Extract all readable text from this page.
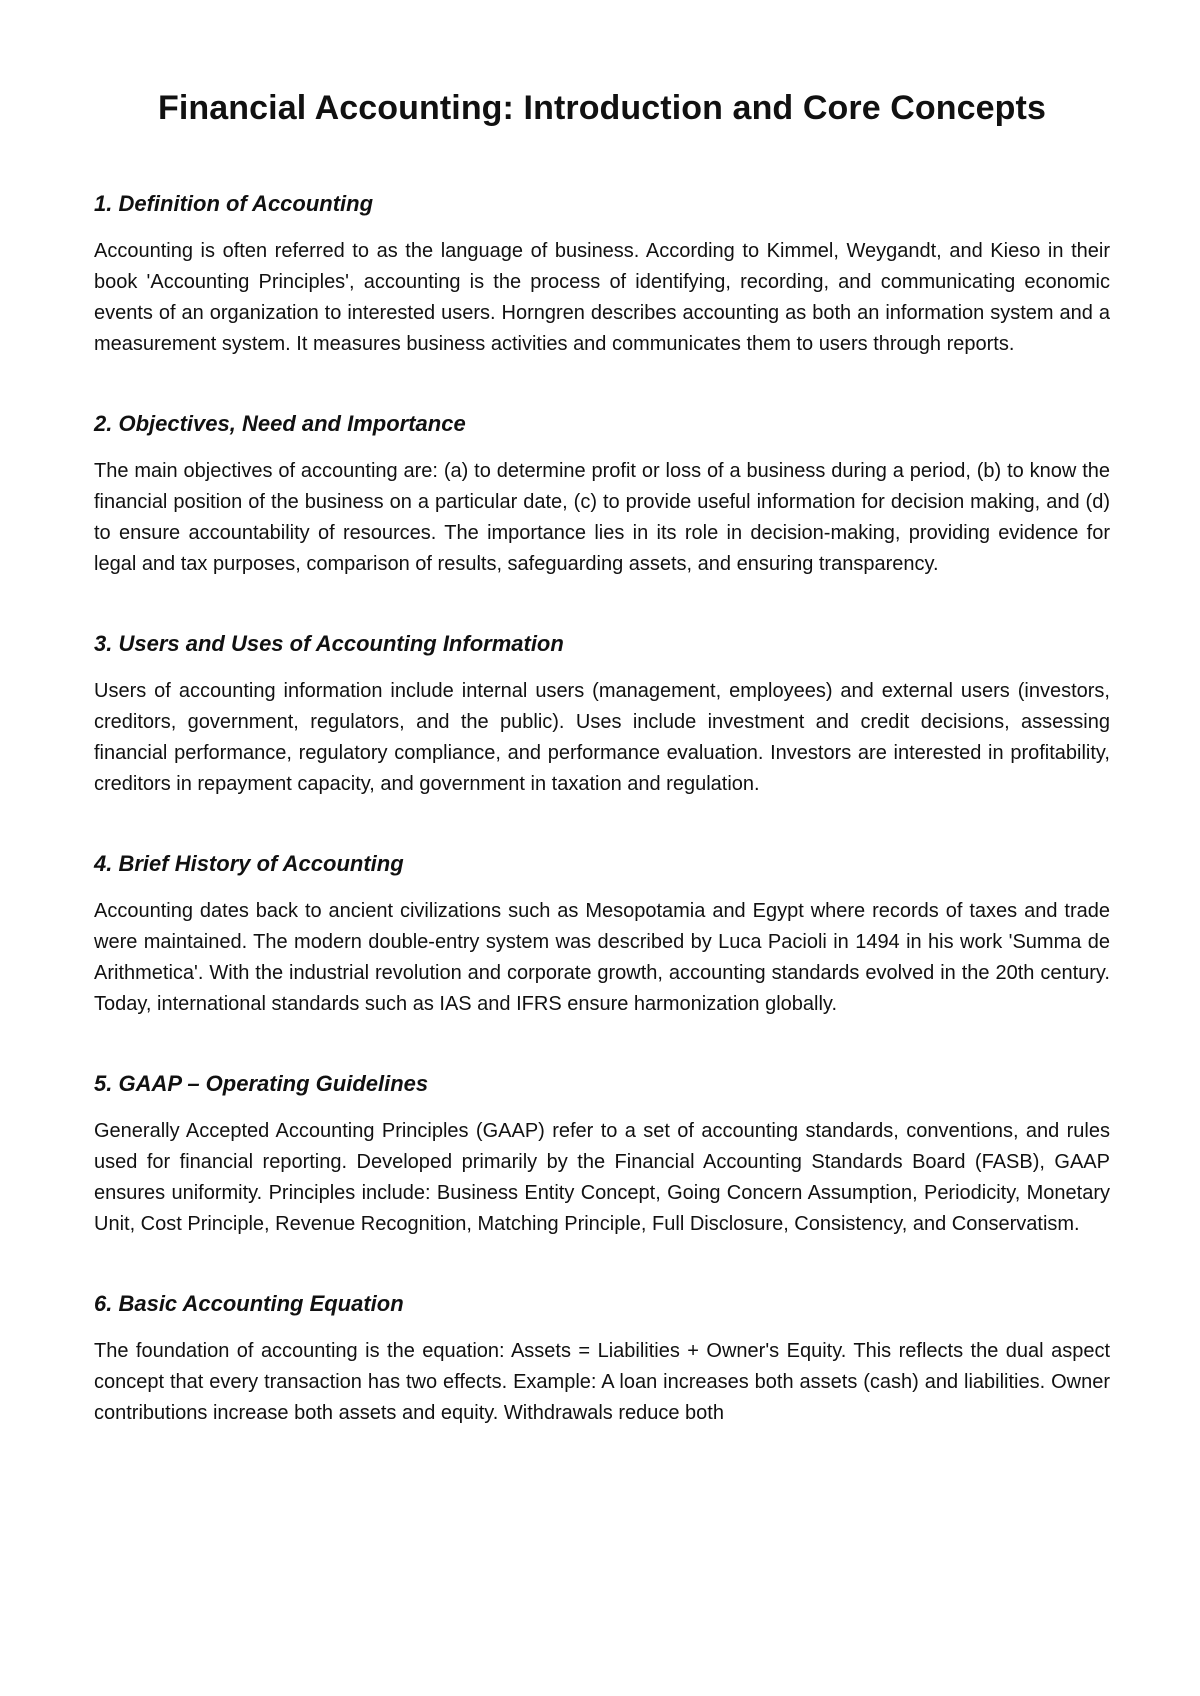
Financial Accounting: Introduction and Core Concepts
1. Definition of Accounting

Accounting is often referred to as the language of business. According to Kimmel, Weygandt, and Kieso in their book 'Accounting Principles', accounting is the process of identifying, recording, and communicating economic events of an organization to interested users. Horngren describes accounting as both an information system and a measurement system. It measures business activities and communicates them to users through reports.

2. Objectives, Need and Importance

The main objectives of accounting are: (a) to determine profit or loss of a business during a period, (b) to know the financial position of the business on a particular date, (c) to provide useful information for decision making, and (d) to ensure accountability of resources. The importance lies in its role in decision-making, providing evidence for legal and tax purposes, comparison of results, safeguarding assets, and ensuring transparency.

3. Users and Uses of Accounting Information

Users of accounting information include internal users (management, employees) and external users (investors, creditors, government, regulators, and the public). Uses include investment and credit decisions, assessing financial performance, regulatory compliance, and performance evaluation. Investors are interested in profitability, creditors in repayment capacity, and government in taxation and regulation.

4. Brief History of Accounting

Accounting dates back to ancient civilizations such as Mesopotamia and Egypt where records of taxes and trade were maintained. The modern double-entry system was described by Luca Pacioli in 1494 in his work 'Summa de Arithmetica'. With the industrial revolution and corporate growth, accounting standards evolved in the 20th century. Today, international standards such as IAS and IFRS ensure harmonization globally.

5. GAAP – Operating Guidelines

Generally Accepted Accounting Principles (GAAP) refer to a set of accounting standards, conventions, and rules used for financial reporting. Developed primarily by the Financial Accounting Standards Board (FASB), GAAP ensures uniformity. Principles include: Business Entity Concept, Going Concern Assumption, Periodicity, Monetary Unit, Cost Principle, Revenue Recognition, Matching Principle, Full Disclosure, Consistency, and Conservatism.

6. Basic Accounting Equation

The foundation of accounting is the equation: Assets = Liabilities + Owner's Equity. This reflects the dual aspect concept that every transaction has two effects. Example: A loan increases both assets (cash) and liabilities. Owner contributions increase both assets and equity. Withdrawals reduce both
